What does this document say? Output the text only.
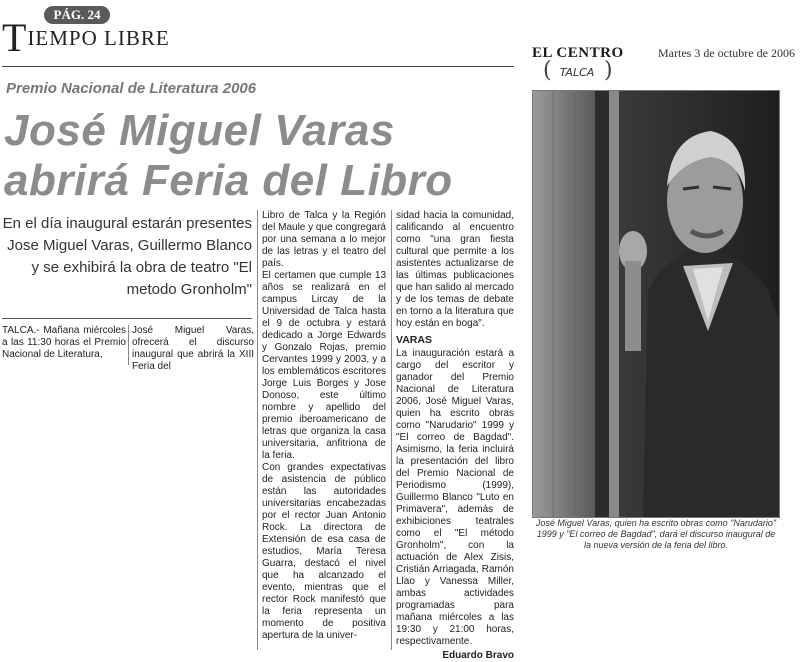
PÁG. 24
TIEMPO LIBRE
Premio Nacional de Literatura 2006
José Miguel Varas
abrirá Feria del Libro
En el día inaugural estarán presentes Jose Miguel Varas, Guillermo Blanco y se exhibirá la obra de teatro "El metodo Gronholm"

TALCA.- Mañana miércoles a las 11:30 horas el Premio Nacional de Literatura,

José Miguel Varas, ofrecerá el discurso inaugural que abrirá la XIII Feria del

Libro de Talca y la Región del Maule y que congregará por una semana a lo mejor de las letras y el teatro del país.

El certamen que cumple 13 años se realizará en el campus Lircay de la Universidad de Talca hasta el 9 de octubra y estará dedicado a Jorge Edwards y Gonzalo Rojas, premio Cervantes 1999 y 2003, y a los emblemáticos escritores Jorge Luis Borges y Jose Donoso, este último nombre y apellido del premio iberoamericano de letras que organiza la casa universitaria, anfitriona de la feria.

Con grandes expectativas de asistencia de público están las autoridades universitarias encabezadas por el rector Juan Antonio Rock. La directora de Extensión de esa casa de estudios, María Teresa Guarra, destacó el nivel que ha alcanzado el evento, mientras que el rector Rock manifestó que la feria representa un momento de positiva apertura de la univer-

sidad hacia la comunidad, calificando al encuentro como "una gran fiesta cultural que permite a los asistentes actualizarse de las últimas publicaciones que han salido al mercado y de los temas de debate en torno a la literatura que hoy están en boga".

VARAS

La inauguración estará a cargo del escritor y ganador del Premio Nacional de Literatura 2006, José Miguel Varas, quien ha escrito obras como "Narudario" 1999 y "El correo de Bagdad". Asimismo, la feria incluirá la presentación del libro del Premio Nacional de Periodismo (1999), Guillermo Blanco "Luto en Primavera", además de exhibiciones teatrales como el "El método Gronholm", con la actuación de Alex Zisis, Cristián Arriagada, Ramón Llao y Vanessa Miller, ambas actividades programadas para mañana miércoles a las 19:30 y 21:00 horas, respectivamente.

Eduardo Bravo

EL CENTRO	Martes 3 de octubre de 2006
( TALCA )
José Miguel Varas, quien ha escrito obras como "Narudario" 1999 y "El correo de Bagdad", dará el discurso inaugural de la nueva versión de la feria del libro.
